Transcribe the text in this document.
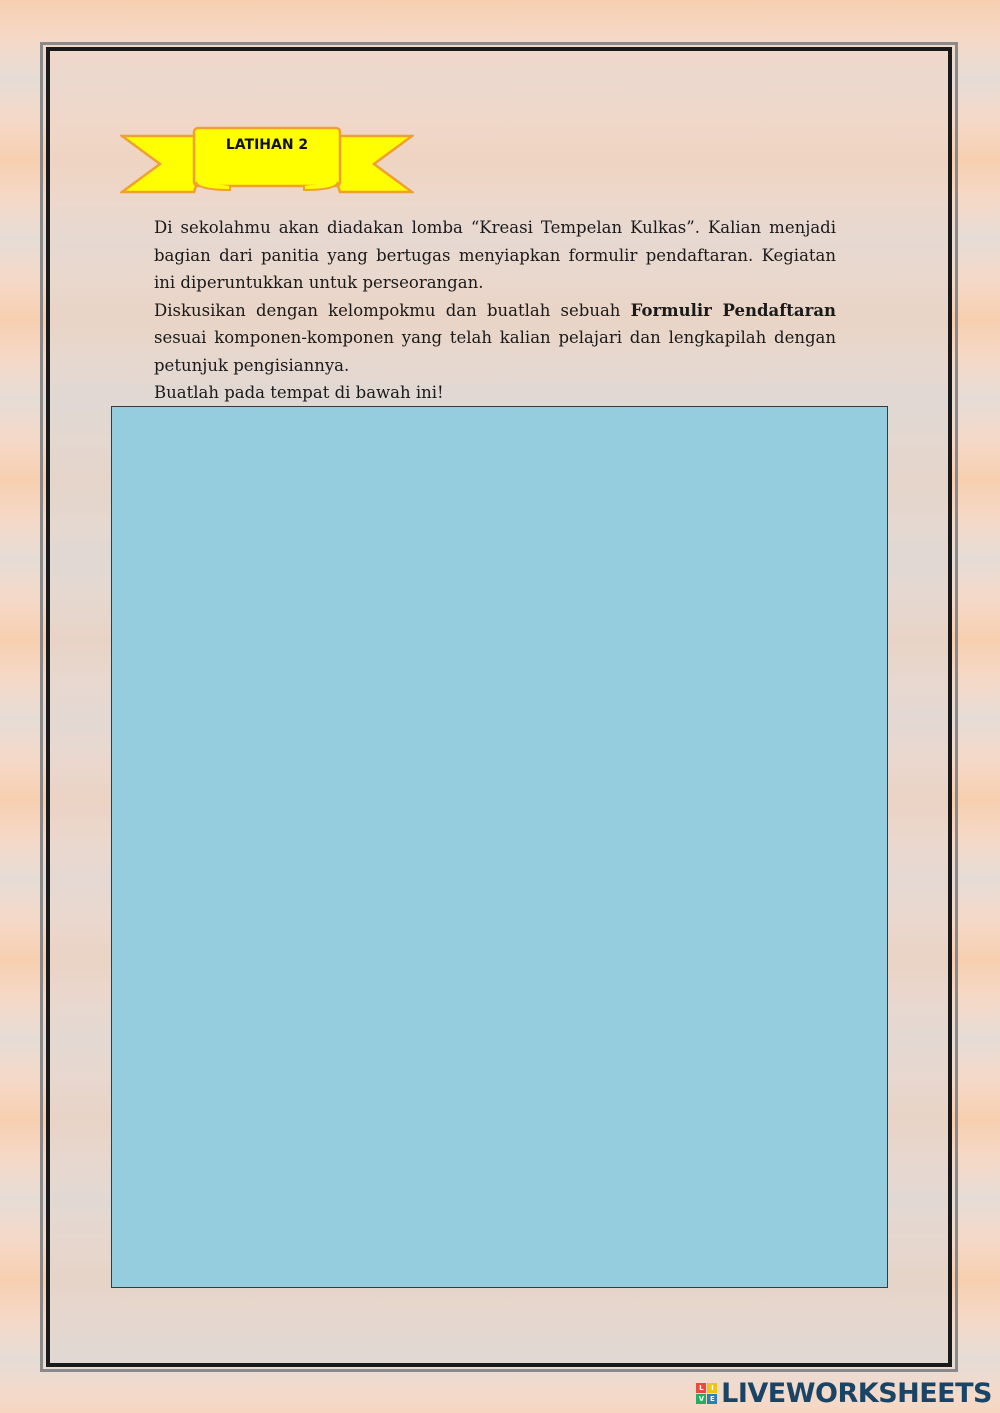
LATIHAN 2

Di sekolahmu akan diadakan lomba “Kreasi Tempelan Kulkas”. Kalian menjadi bagian dari panitia yang bertugas menyiapkan formulir pendaftaran. Kegiatan ini diperuntukkan untuk perseorangan.

Diskusikan dengan kelompokmu dan buatlah sebuah Formulir Pendaftaran sesuai komponen-komponen yang telah kalian pelajari dan lengkapilah dengan petunjuk pengisiannya.

Buatlah pada tempat di bawah ini!

L	I
V E LIVEWORKSHEETS
